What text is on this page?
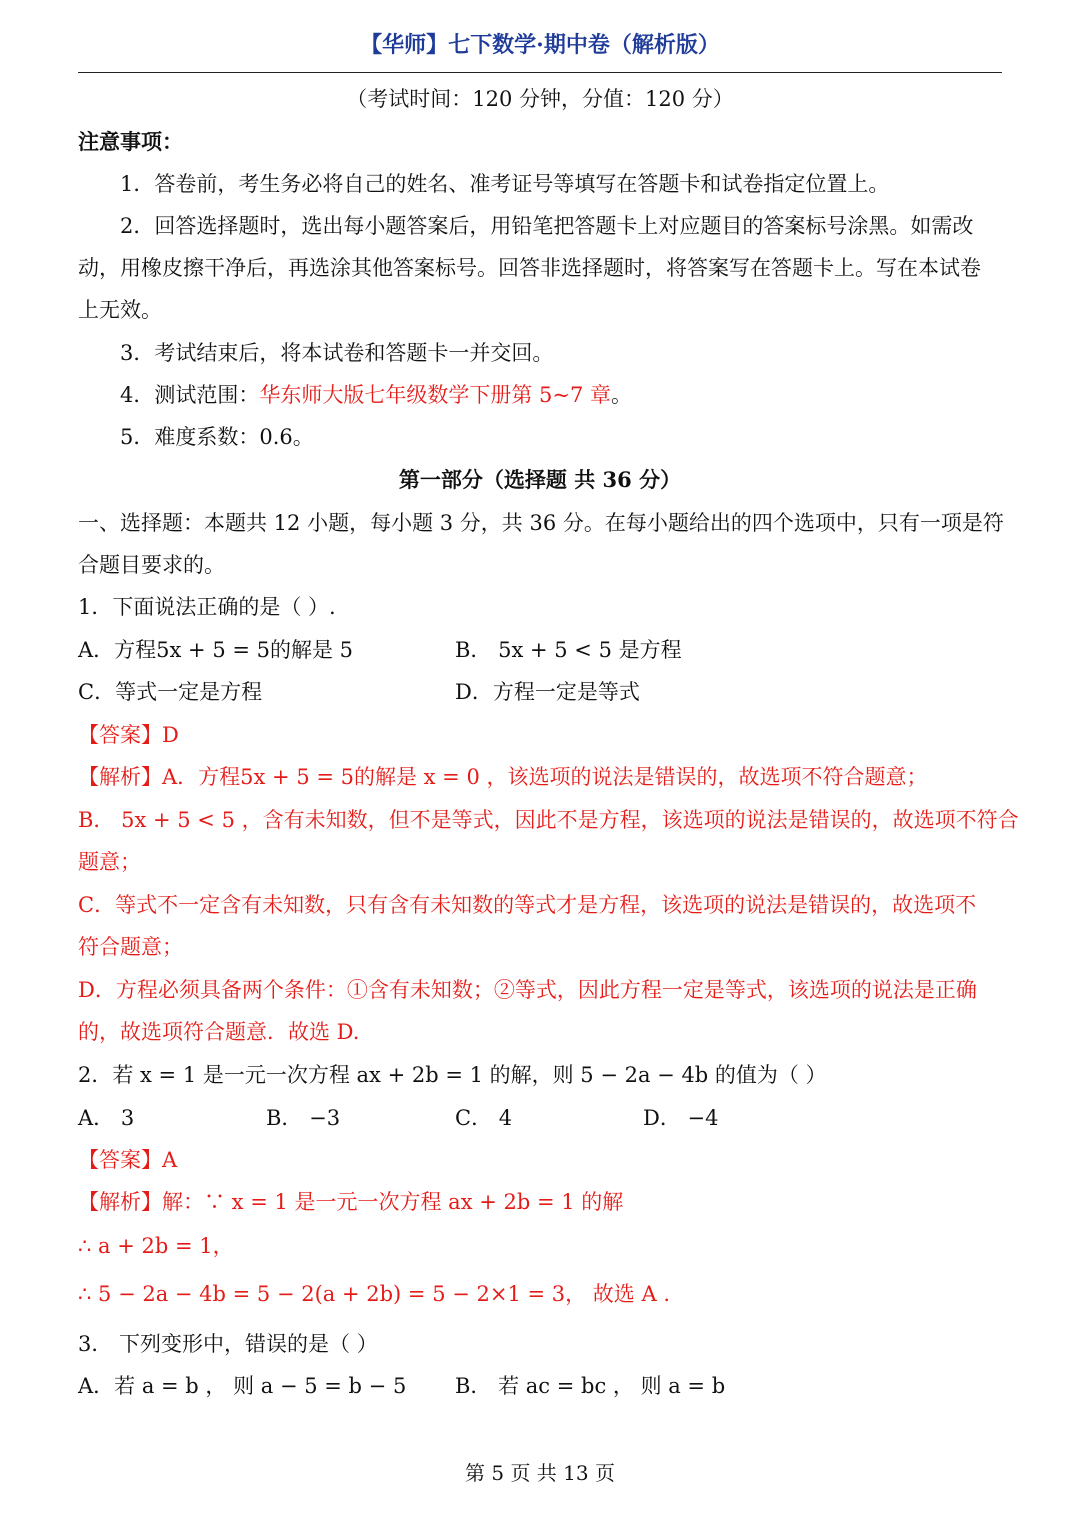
【华师】七下数学·期中卷（解析版）
（考试时间：120 分钟，分值：120 分）
注意事项：
1．答卷前，考生务必将自己的姓名、准考证号等填写在答题卡和试卷指定位置上。
2．回答选择题时，选出每小题答案后，用铅笔把答题卡上对应题目的答案标号涂黑。如需改
动，用橡皮擦干净后，再选涂其他答案标号。回答非选择题时，将答案写在答题卡上。写在本试卷
上无效。
3．考试结束后，将本试卷和答题卡一并交回。
4．测试范围：华东师大版七年级数学下册第 5~7 章。
5．难度系数：0.6。
第一部分（选择题 共 36 分）
一、选择题：本题共 12 小题，每小题 3 分，共 36 分。在每小题给出的四个选项中，只有一项是符
合题目要求的。
1．下面说法正确的是（ ）.
A．方程5x + 5 = 5的解是 5	B． 5x + 5 < 5 是方程
C．等式一定是方程	D．方程一定是等式
【答案】D
【解析】A．方程5x + 5 = 5的解是 x = 0 ，该选项的说法是错误的，故选项不符合题意；
B． 5x + 5 < 5 ，含有未知数，但不是等式，因此不是方程，该选项的说法是错误的，故选项不符合
题意；
C．等式不一定含有未知数，只有含有未知数的等式才是方程，该选项的说法是错误的，故选项不
符合题意；
D．方程必须具备两个条件：①含有未知数；②等式，因此方程一定是等式，该选项的说法是正确
的，故选项符合题意．故选 D.
2．若 x = 1 是一元一次方程 ax + 2b = 1 的解，则 5 − 2a − 4b 的值为（ ）
A． 3	B． −3	C． 4	D． −4
【答案】A
【解析】解：∵ x = 1 是一元一次方程 ax + 2b = 1 的解
∴ a + 2b = 1，
∴ 5 − 2a − 4b = 5 − 2(a + 2b) = 5 − 2×1 = 3， 故选 A .
3． 下列变形中，错误的是（ ）
A．若 a = b ， 则 a − 5 = b − 5 B． 若 ac = bc ， 则 a = b
第 5 页 共 13 页
